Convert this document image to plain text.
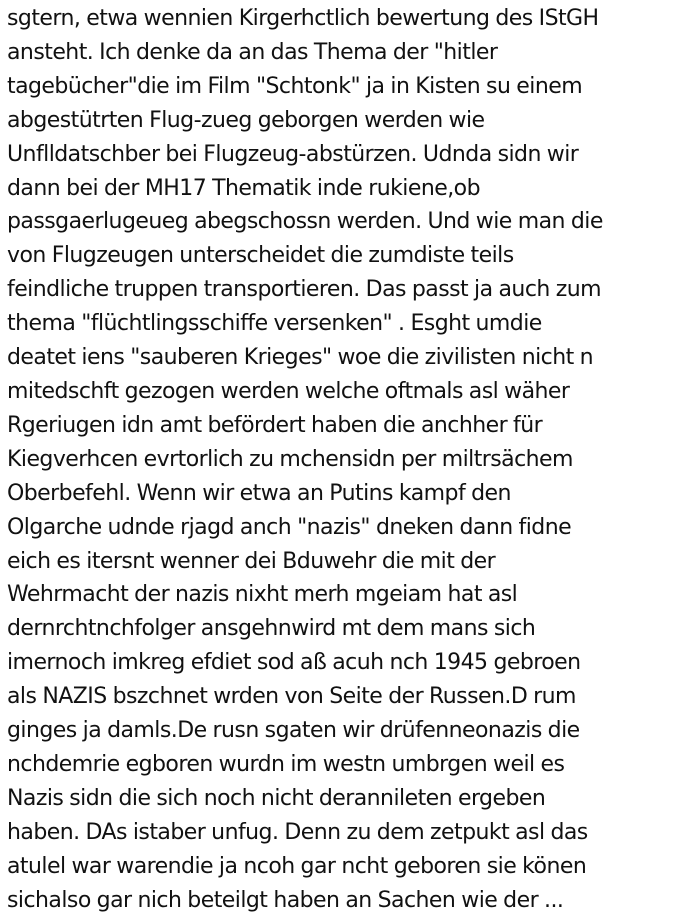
sgtern, etwa wennien Kirgerhctlich bewertung des IStGH
ansteht. Ich denke da an das Thema der "hitler
tagebücher"die im Film "Schtonk" ja in Kisten su einem
abgestütrten Flug-zueg geborgen werden wie
Unflldatschber bei Flugzeug-abstürzen. Udnda sidn wir
dann bei der MH17 Thematik inde rukiene,ob
passgaerlugeueg abegschossn werden. Und wie man die
von Flugzeugen unterscheidet die zumdiste teils
feindliche truppen transportieren. Das passt ja auch zum
thema "flüchtlingsschiffe versenken" . Esght umdie
deatet iens "sauberen Krieges" woe die zivilisten nicht n
mitedschft gezogen werden welche oftmals asl wäher
Rgeriugen idn amt befördert haben die anchher für
Kiegverhcen evrtorlich zu mchensidn per miltrsächem
Oberbefehl. Wenn wir etwa an Putins kampf den
Olgarche udnde rjagd anch "nazis" dneken dann fidne
eich es itersnt wenner dei Bduwehr die mit der
Wehrmacht der nazis nixht merh mgeiam hat asl
dernrchtnchfolger ansgehnwird mt dem mans sich
imernoch imkreg efdiet sod aß acuh nch 1945 gebroen
als NAZIS bszchnet wrden von Seite der Russen.D rum
ginges ja damls.De rusn sgaten wir drüfenneonazis die
nchdemrie egboren wurdn im westn umbrgen weil es
Nazis sidn die sich noch nicht derannileten ergeben
haben. DAs istaber unfug. Denn zu dem zetpukt asl das
atulel war warendie ja ncoh gar ncht geboren sie könen
sichalso gar nich beteilgt haben an Sachen wie der ...
